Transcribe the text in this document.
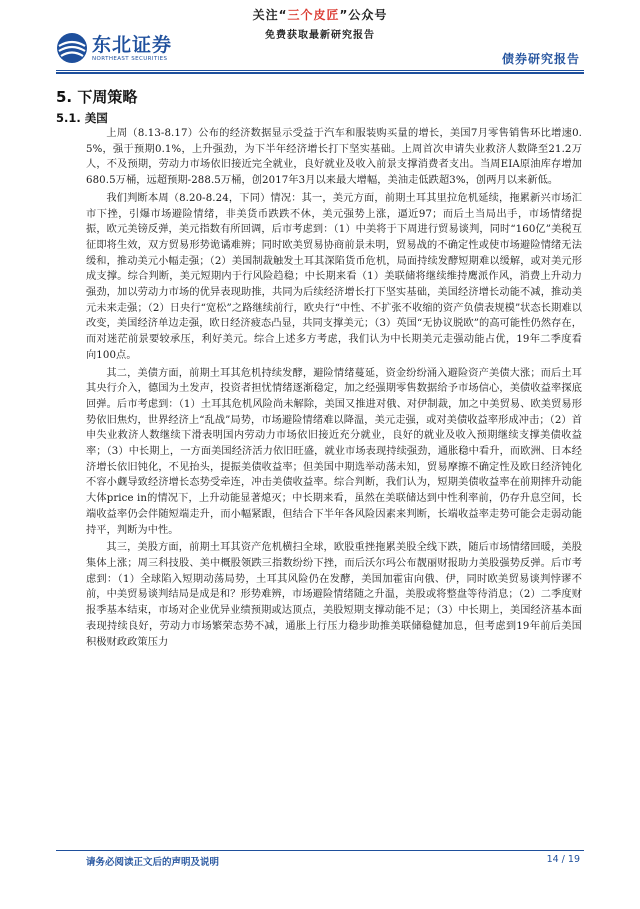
关注“三个皮匠”公众号
免费获取最新研究报告
东北证券
NORTHEAST SECURITIES	债券研究报告
5. 下周策略
5.1. 美国

上周（8.13-8.17）公布的经济数据显示受益于汽车和服装购买量的增长，美国7月零售销售环比增速0.5%，强于预期0.1%，上升强劲，为下半年经济增长打下坚实基础。上周首次申请失业救济人数降至21.2万人，不及预期，劳动力市场依旧接近完全就业，良好就业及收入前景支撑消费者支出。当周EIA原油库存增加680.5万桶，远超预期-288.5万桶，创2017年3月以来最大增幅，美油走低跌超3%，创两月以来新低。

我们判断本周（8.20-8.24，下同）情况：其一，美元方面，前期土耳其里拉危机延续，拖累新兴市场汇市下挫，引爆市场避险情绪，非美货币跌跌不休，美元强势上涨，逼近97；而后土当局出手，市场情绪提振，欧元美镑反弹，美元指数有所回调，后市考虑到：（1）中美将于下周进行贸易谈判，同时“160亿”美税互征即将生效，双方贸易形势诡谲难辨；同时欧美贸易协商前景未明，贸易战的不确定性或使市场避险情绪无法缓和，推动美元小幅走强；（2）美国制裁触发土耳其深陷货币危机，局面持续发酵短期难以缓解，或对美元形成支撑。综合判断，美元短期内于行风险趋稳；中长期来看（1）美联储将继续维持鹰派作风，消费上升动力强劲，加以劳动力市场的优异表现助推，共同为后续经济增长打下坚实基础，美国经济增长动能不减，推动美元未来走强；（2）日央行“宽松”之路继续前行，欧央行“中性、不扩张不收缩的资产负债表规模”状态长期难以改变，美国经济单边走强，欧日经济疲态凸显，共同支撑美元；（3）英国“无协议脱欧”的高可能性仍然存在，而对迷茫前景要较承压，利好美元。综合上述多方考虑，我们认为中长期美元走强动能占优，19年二季度看向100点。

其二，美债方面，前期土耳其危机持续发酵，避险情绪蔓延，资金纷纷涌入避险资产美债大涨；而后土耳其央行介入，德国为土发声，投资者担忧情绪逐渐稳定，加之经强期零售数据给予市场信心，美债收益率探底回弹。后市考虑到：（1）土耳其危机风险尚未解除，美国又推进对俄、对伊制裁，加之中美贸易、欧美贸易形势依旧焦灼，世界经济上“乱战”局势，市场避险情绪难以降温，美元走强，或对美债收益率形成冲击；（2）首申失业救济人数继续下滑表明国内劳动力市场依旧接近充分就业，良好的就业及收入预期继续支撑美债收益率；（3）中长期上，一方面美国经济活力依旧旺盛，就业市场表现持续强劲，通胀稳中看升，而欧洲、日本经济增长依旧钝化，不见抬头，提振美债收益率；但美国中期选举动荡未知，贸易摩擦不确定性及欧日经济钝化不容小觑导致经济增长态势受牵连，冲击美债收益率。综合判断，我们认为，短期美债收益率在前期摔升动能大体price in的情况下，上升动能显著熄灭；中长期来看，虽然在美联储达到中性利率前，仍存升息空间，长端收益率仍会伴随短端走升，而小幅紧跟，但结合下半年各风险因素来判断，长端收益率走势可能会走弱动能持平，判断为中性。

其三，美股方面，前期土耳其资产危机横扫全球，欧股重挫拖累美股全线下跌，随后市场情绪回暖，美股集体上涨；周三科技股、美中概股领跌三指数纷纷下挫，而后沃尔玛公布靓丽财报助力美股强势反弹。后市考虑到：（1）全球陷入短期动荡局势，土耳其风险仍在发酵，美国加霍宙向俄、伊，同时欧美贸易谈判悖谬不前，中美贸易谈判结局是成是和？形势难辨，市场避险情绪随之升温，美股或将整盘等待消息；（2）二季度财报季基本结束，市场对企业优异业绩预期或达顶点，美股短期支撑动能不足；（3）中长期上，美国经济基本面表现持续良好，劳动力市场繁荣态势不减，通胀上行压力稳步助推美联储稳健加息，但考虑到19年前后美国积极财政政策压力

请务必阅读正文后的声明及说明	14 / 19
